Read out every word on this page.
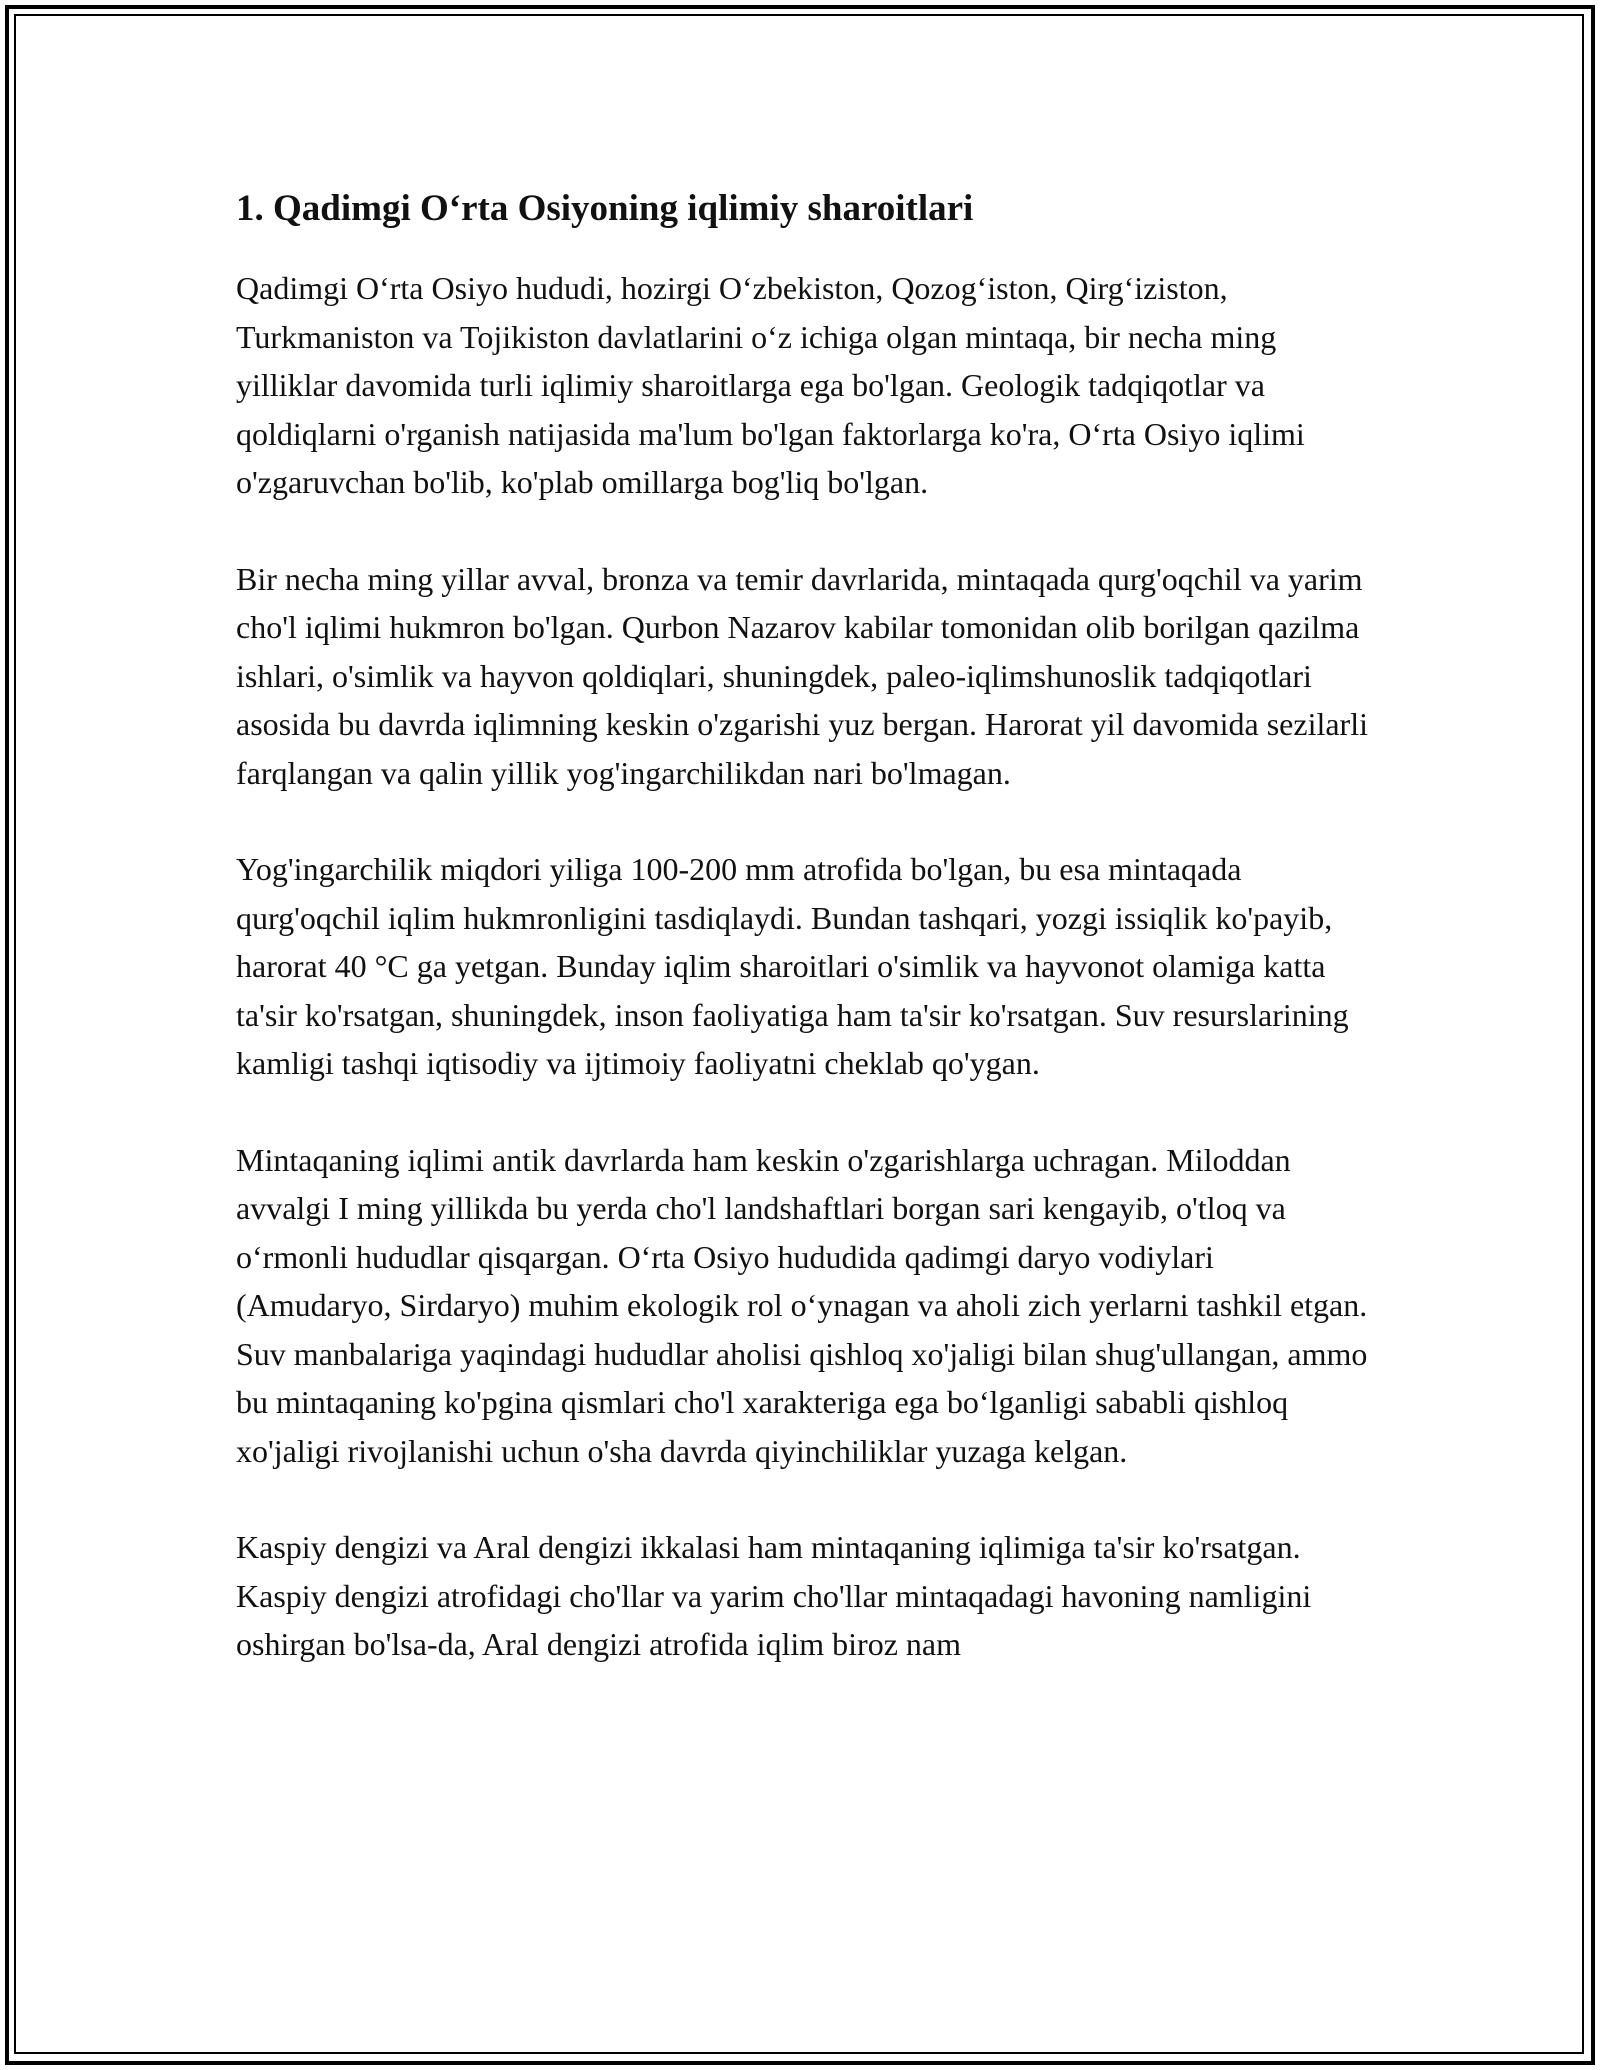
1. Qadimgi O‘rta Osiyoning iqlimiy sharoitlari

Qadimgi O‘rta Osiyo hududi, hozirgi O‘zbekiston, Qozog‘iston, Qirg‘iziston, Turkmaniston va Tojikiston davlatlarini o‘z ichiga olgan mintaqa, bir necha ming yilliklar davomida turli iqlimiy sharoitlarga ega bo'lgan. Geologik tadqiqotlar va qoldiqlarni o'rganish natijasida ma'lum bo'lgan faktorlarga ko'ra, O‘rta Osiyo iqlimi o'zgaruvchan bo'lib, ko'plab omillarga bog'liq bo'lgan.

Bir necha ming yillar avval, bronza va temir davrlarida, mintaqada qurg'oqchil va yarim cho'l iqlimi hukmron bo'lgan. Qurbon Nazarov kabilar tomonidan olib borilgan qazilma ishlari, o'simlik va hayvon qoldiqlari, shuningdek, paleo-iqlimshunoslik tadqiqotlari asosida bu davrda iqlimning keskin o'zgarishi yuz bergan. Harorat yil davomida sezilarli farqlangan va qalin yillik yog'ingarchilikdan nari bo'lmagan.

Yog'ingarchilik miqdori yiliga 100-200 mm atrofida bo'lgan, bu esa mintaqada qurg'oqchil iqlim hukmronligini tasdiqlaydi. Bundan tashqari, yozgi issiqlik ko'payib, harorat 40 °C ga yetgan. Bunday iqlim sharoitlari o'simlik va hayvonot olamiga katta ta'sir ko'rsatgan, shuningdek, inson faoliyatiga ham ta'sir ko'rsatgan. Suv resurslarining kamligi tashqi iqtisodiy va ijtimoiy faoliyatni cheklab qo'ygan.

Mintaqaning iqlimi antik davrlarda ham keskin o'zgarishlarga uchragan. Miloddan avvalgi I ming yillikda bu yerda cho'l landshaftlari borgan sari kengayib, o'tloq va o‘rmonli hududlar qisqargan. O‘rta Osiyo hududida qadimgi daryo vodiylari (Amudaryo, Sirdaryo) muhim ekologik rol o‘ynagan va aholi zich yerlarni tashkil etgan. Suv manbalariga yaqindagi hududlar aholisi qishloq xo'jaligi bilan shug'ullangan, ammo bu mintaqaning ko'pgina qismlari cho'l xarakteriga ega bo‘lganligi sababli qishloq xo'jaligi rivojlanishi uchun o'sha davrda qiyinchiliklar yuzaga kelgan.

Kaspiy dengizi va Aral dengizi ikkalasi ham mintaqaning iqlimiga ta'sir ko'rsatgan. Kaspiy dengizi atrofidagi cho'llar va yarim cho'llar mintaqadagi havoning namligini oshirgan bo'lsa-da, Aral dengizi atrofida iqlim biroz nam
